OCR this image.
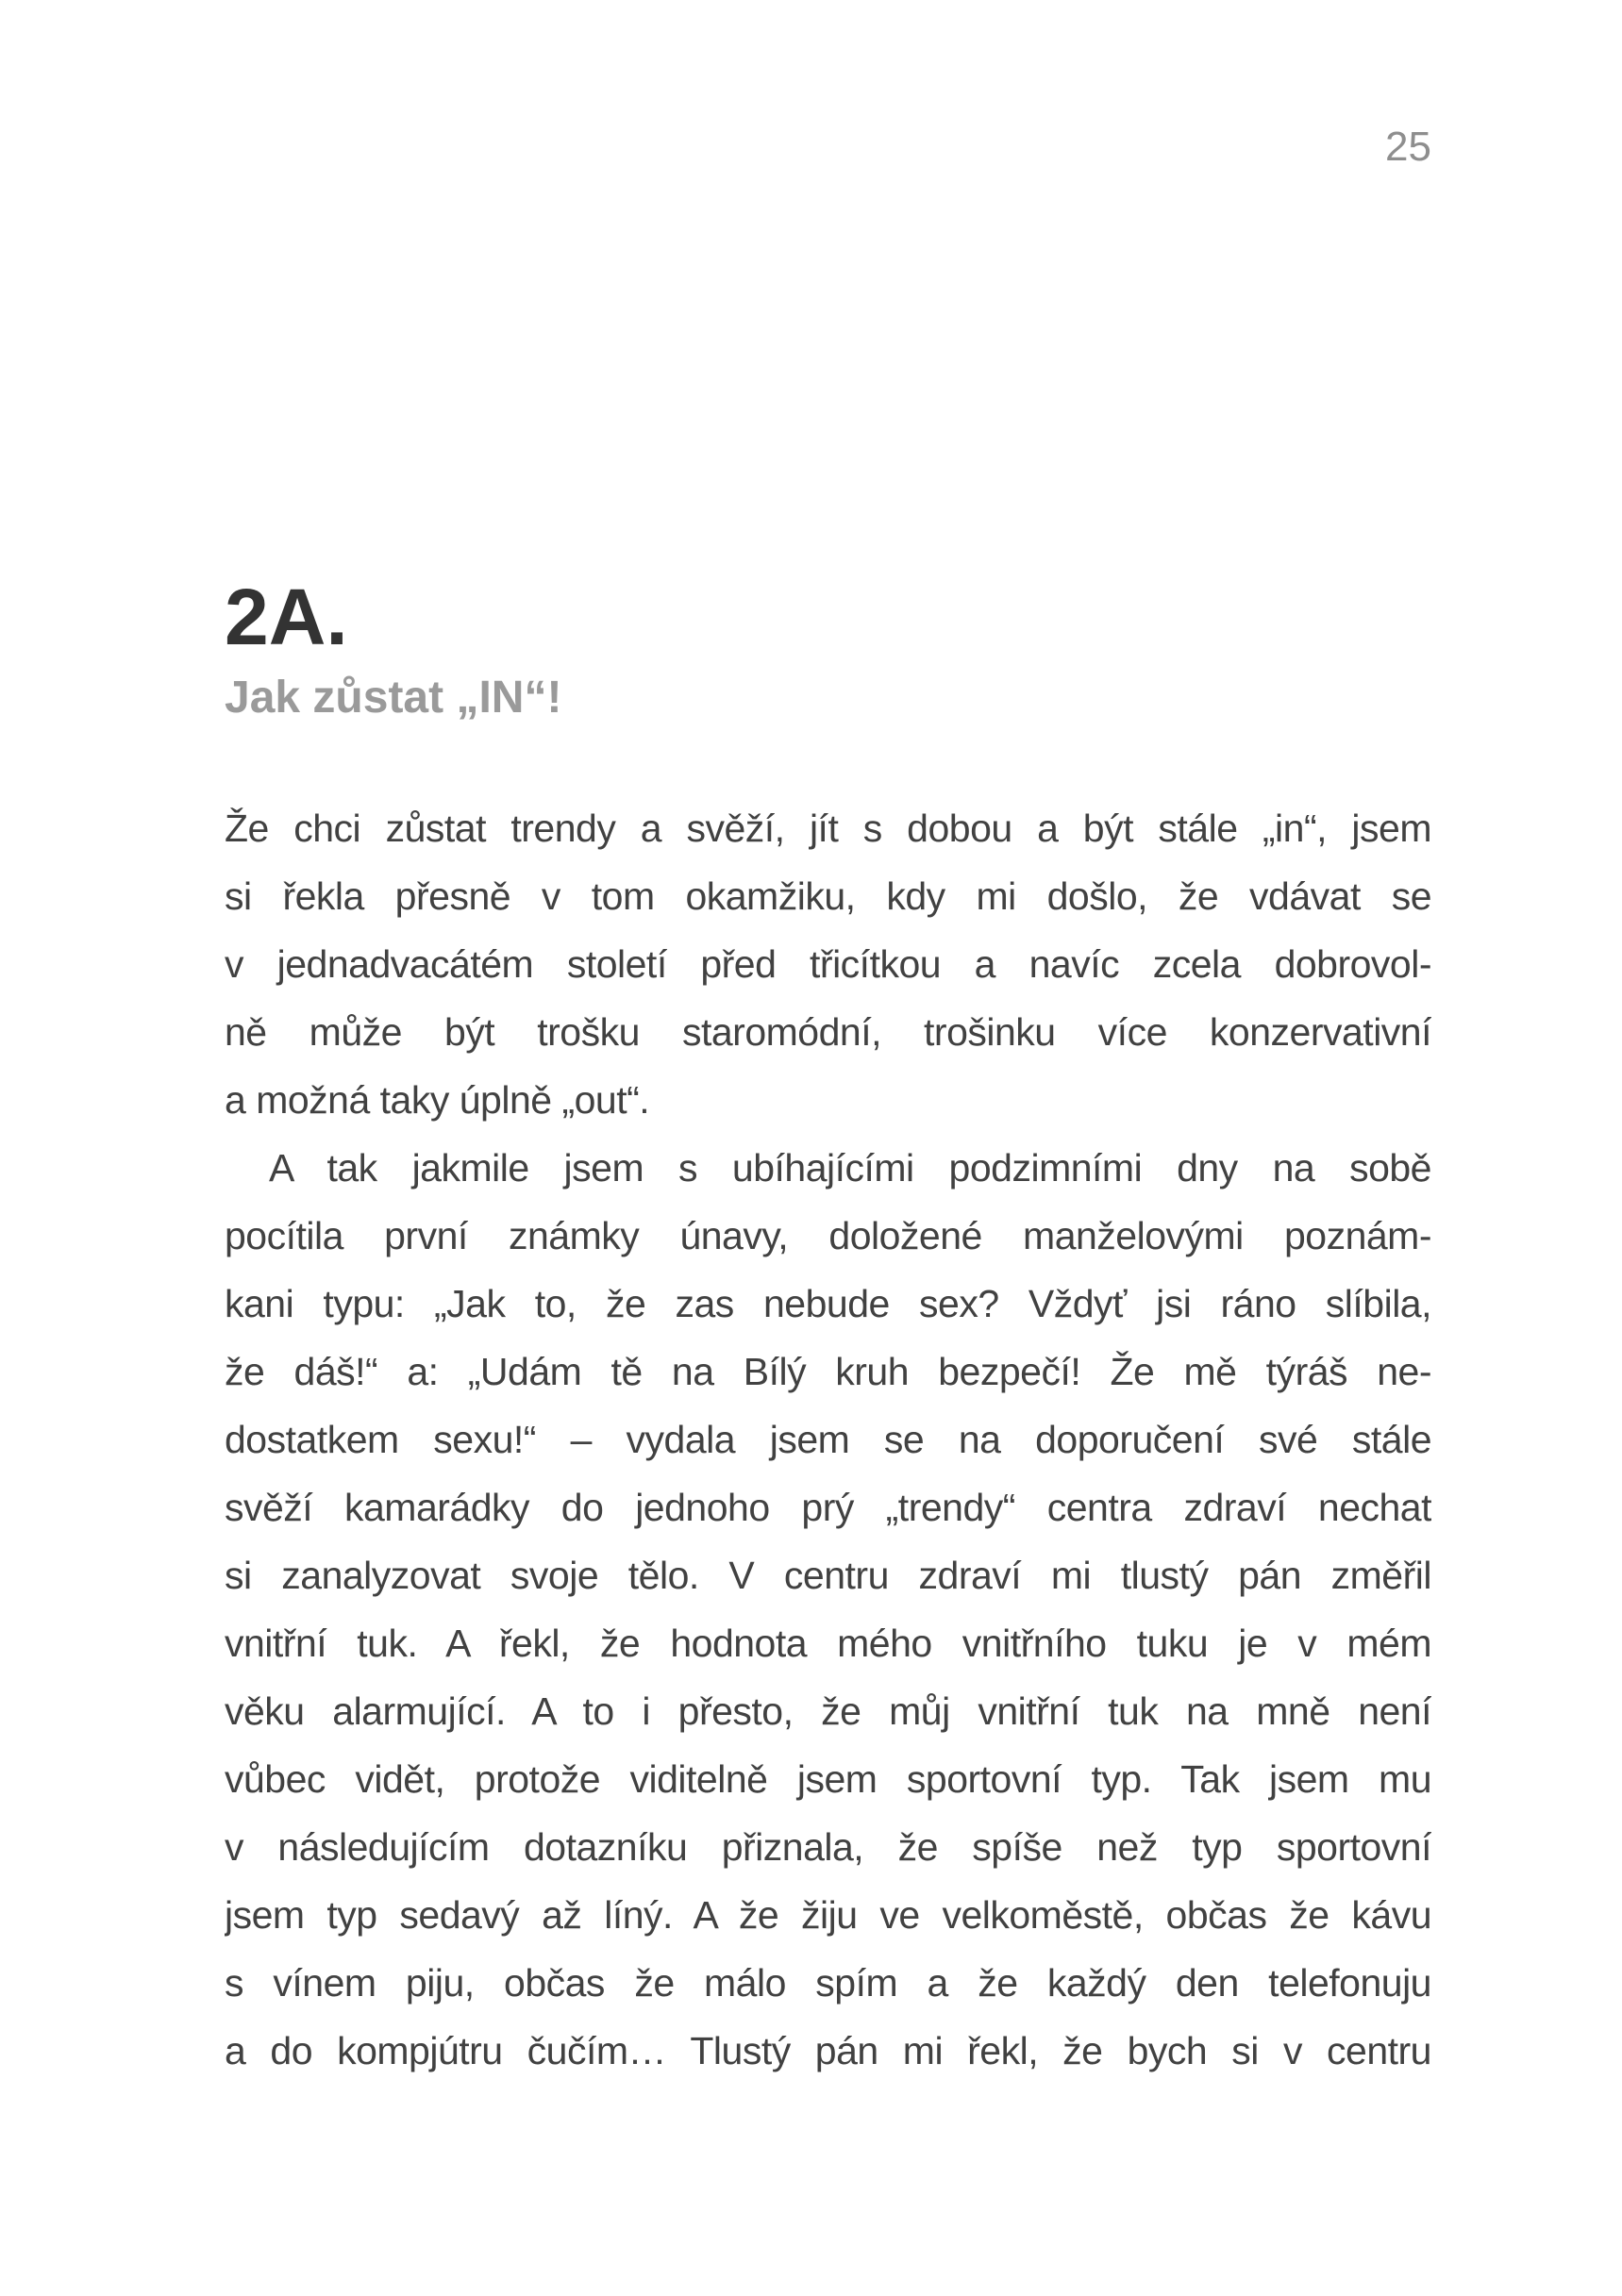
25
2A.
Jak zůstat „IN“!
Že chci zůstat trendy a svěží, jít s dobou a být stále „in“, jsem
si řekla přesně v tom okamžiku, kdy mi došlo, že vdávat se
v jednadvacátém století před třicítkou a navíc zcela dobrovol-
ně může být trošku staromódní, trošinku více konzervativní
a možná taky úplně „out“.
A tak jakmile jsem s ubíhajícími podzimními dny na sobě
pocítila první známky únavy, doložené manželovými poznám-
kani typu: „Jak to, že zas nebude sex? Vždyť jsi ráno slíbila,
že dáš!“ a: „Udám tě na Bílý kruh bezpečí! Že mě týráš ne-
dostatkem sexu!“ – vydala jsem se na doporučení své stále
svěží kamarádky do jednoho prý „trendy“ centra zdraví nechat
si zanalyzovat svoje tělo. V centru zdraví mi tlustý pán změřil
vnitřní tuk. A řekl, že hodnota mého vnitřního tuku je v mém
věku alarmující. A to i přesto, že můj vnitřní tuk na mně není
vůbec vidět, protože viditelně jsem sportovní typ. Tak jsem mu
v následujícím dotazníku přiznala, že spíše než typ sportovní
jsem typ sedavý až líný. A že žiju ve velkoměstě, občas že kávu
s vínem piju, občas že málo spím a že každý den telefonuju
a do kompjútru čučím… Tlustý pán mi řekl, že bych si v centru
